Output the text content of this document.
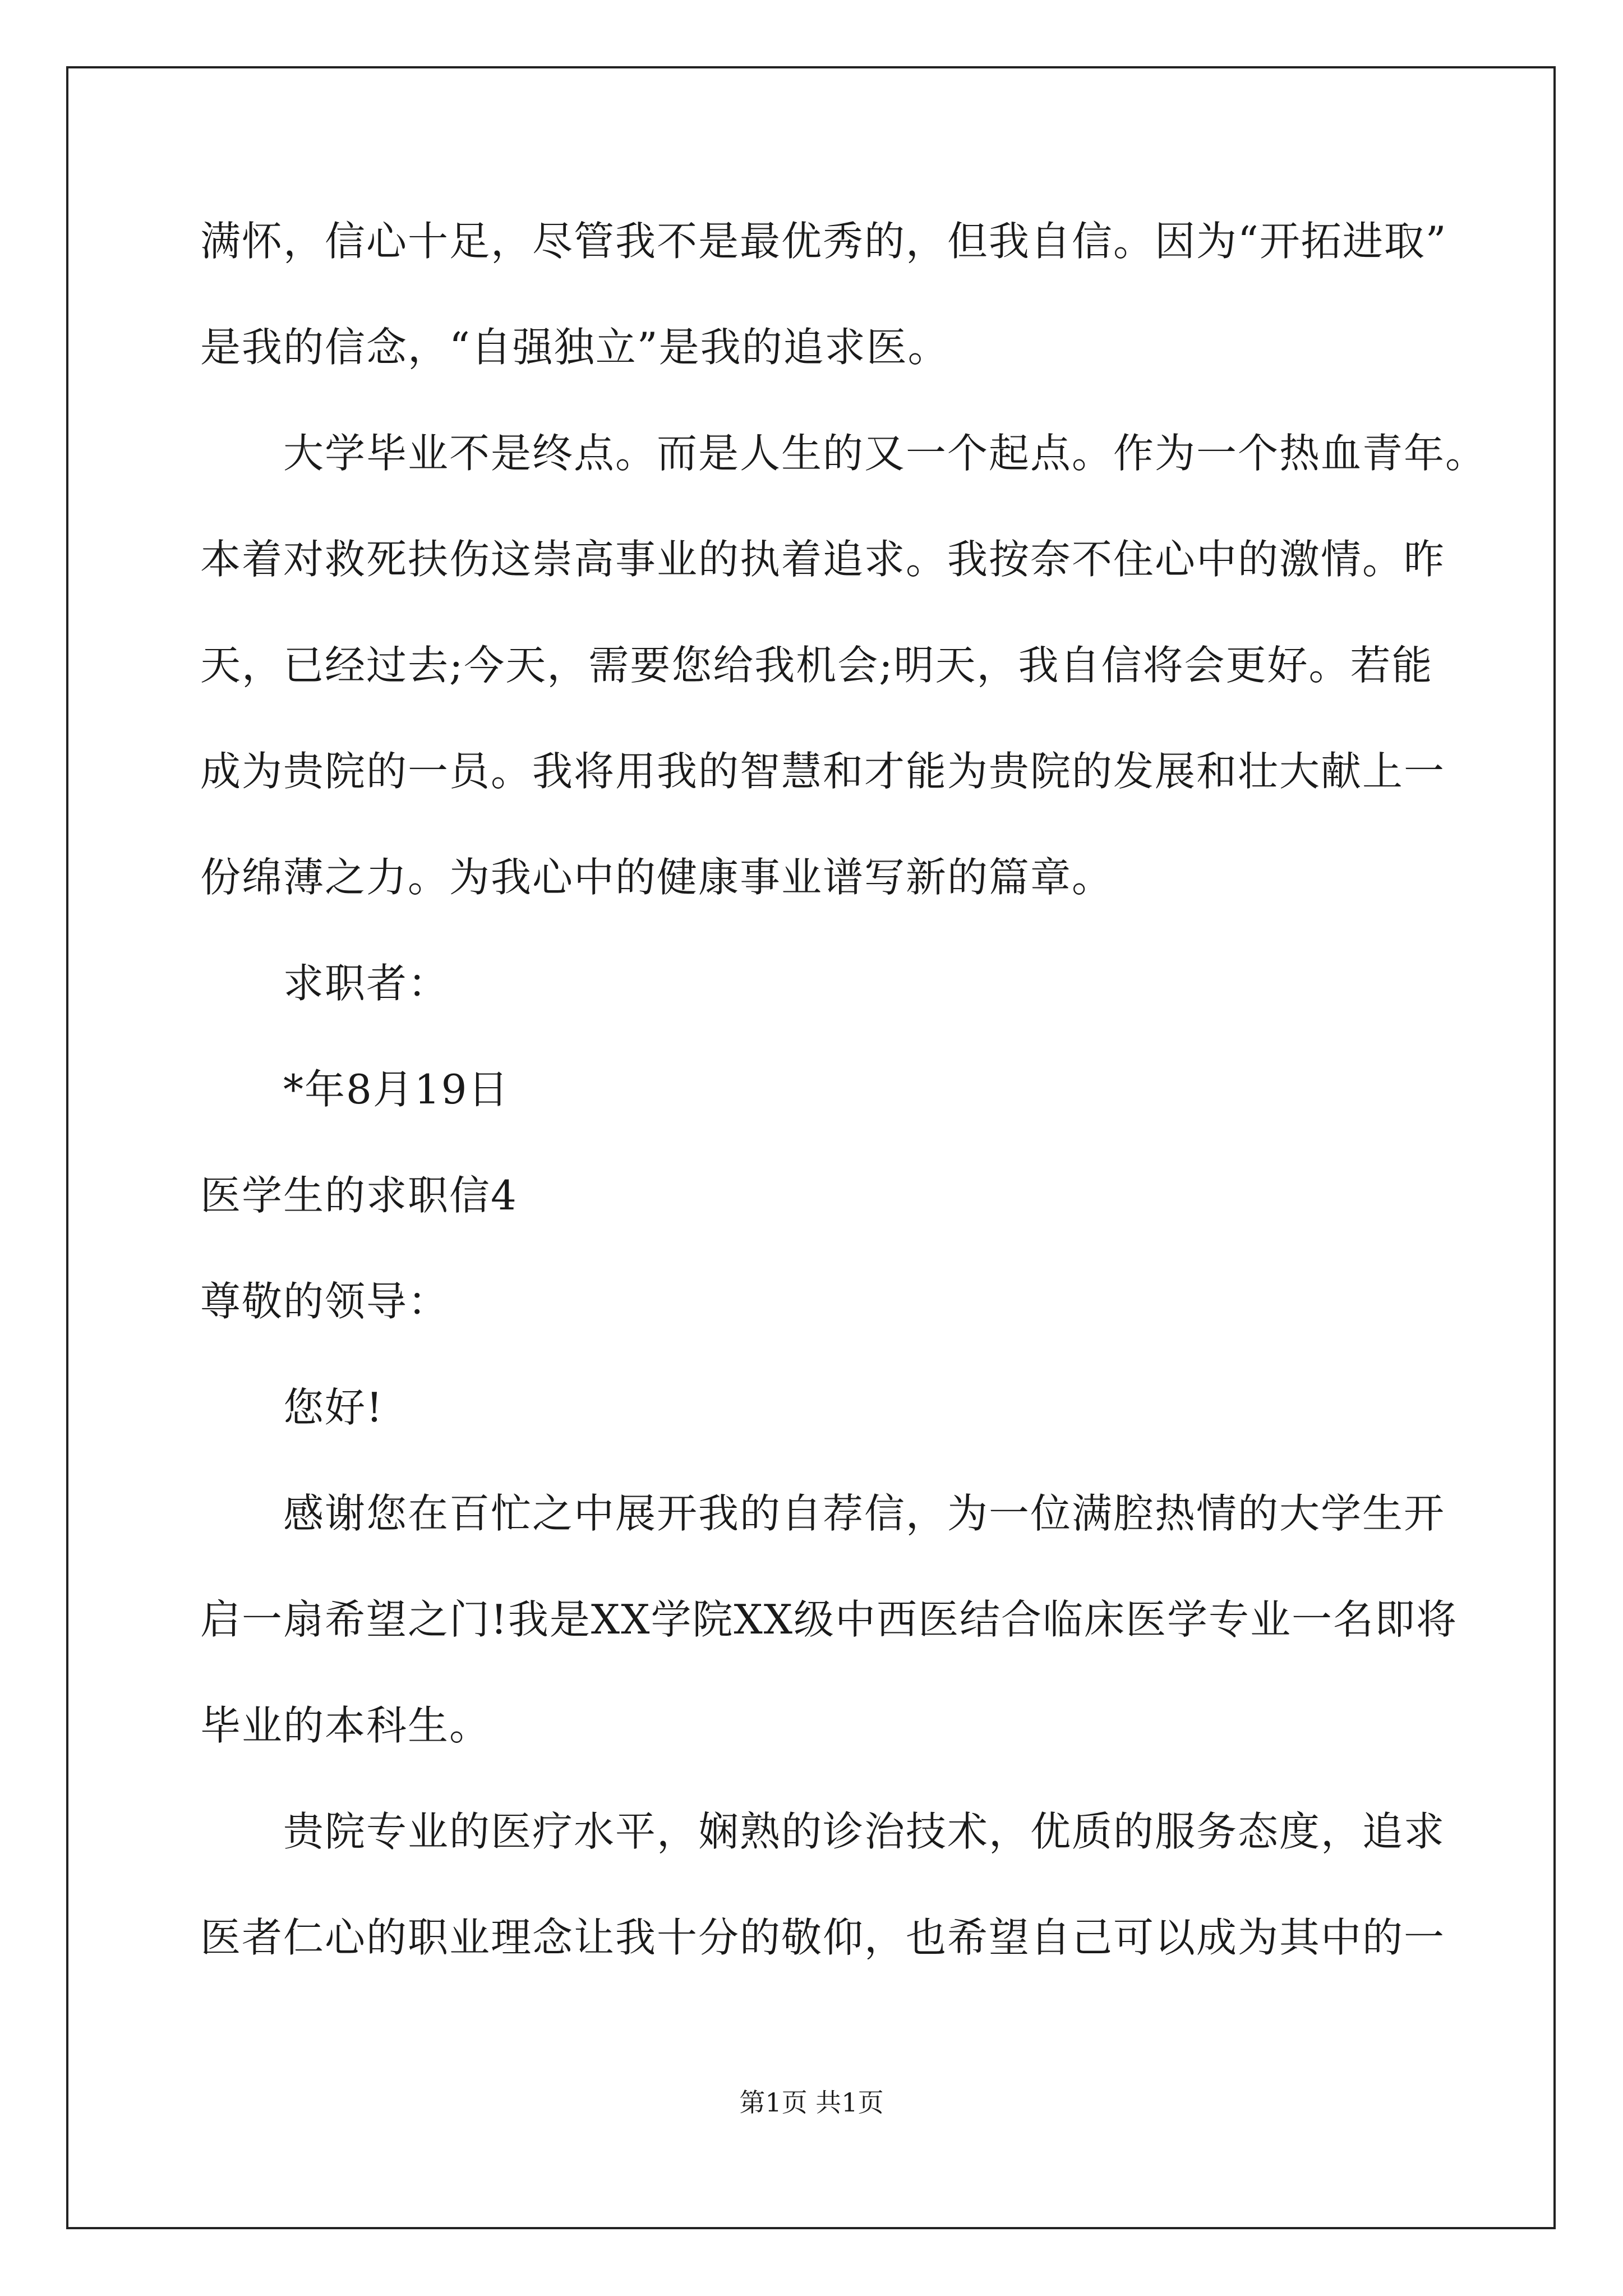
满怀，信心十足，尽管我不是最优秀的，但我自信。因为“开拓进取”
是我的信念，“自强独立”是我的追求医。
大学毕业不是终点。而是人生的又一个起点。作为一个热血青年。
本着对救死扶伤这崇高事业的执着追求。我按奈不住心中的激情。昨
天，已经过去;今天，需要您给我机会;明天，我自信将会更好。若能
成为贵院的一员。我将用我的智慧和才能为贵院的发展和壮大献上一
份绵薄之力。为我心中的健康事业谱写新的篇章。
求职者：
*年8月19日
医学生的求职信4
尊敬的领导：
您好!
感谢您在百忙之中展开我的自荐信，为一位满腔热情的大学生开
启一扇希望之门!我是XX学院XX级中西医结合临床医学专业一名即将
毕业的本科生。
贵院专业的医疗水平，娴熟的诊治技术，优质的服务态度，追求
医者仁心的职业理念让我十分的敬仰，也希望自己可以成为其中的一
第1页 共1页
